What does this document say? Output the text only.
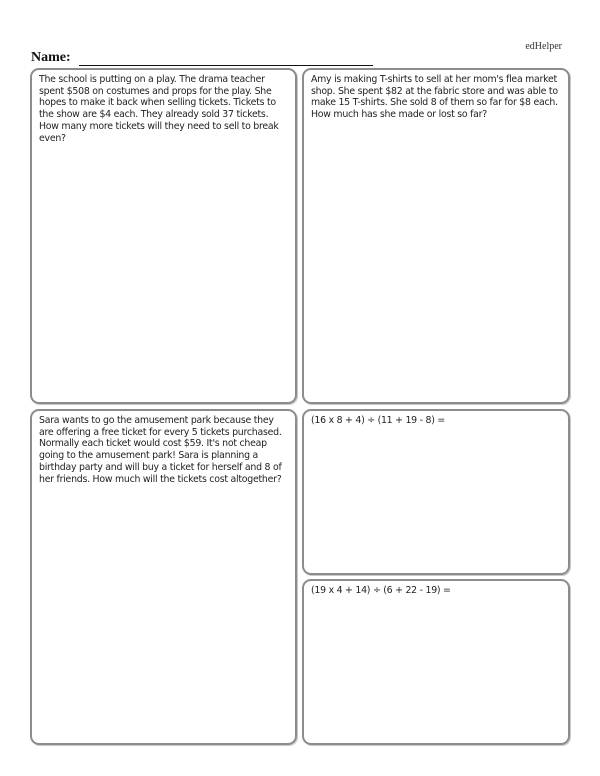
edHelper
Name:
The school is putting on a play. The drama teacher spent $508 on costumes and props for the play. She hopes to make it back when selling tickets. Tickets to the show are $4 each. They already sold 37 tickets. How many more tickets will they need to sell to break even?
Amy is making T-shirts to sell at her mom's flea market shop. She spent $82 at the fabric store and was able to make 15 T-shirts. She sold 8 of them so far for $8 each. How much has she made or lost so far?
Sara wants to go the amusement park because they are offering a free ticket for every 5 tickets purchased. Normally each ticket would cost $59. It's not cheap going to the amusement park! Sara is planning a birthday party and will buy a ticket for herself and 8 of her friends. How much will the tickets cost altogether?
(16 x 8 + 4) ÷ (11 + 19 - 8) =
(19 x 4 + 14) ÷ (6 + 22 - 19) =
